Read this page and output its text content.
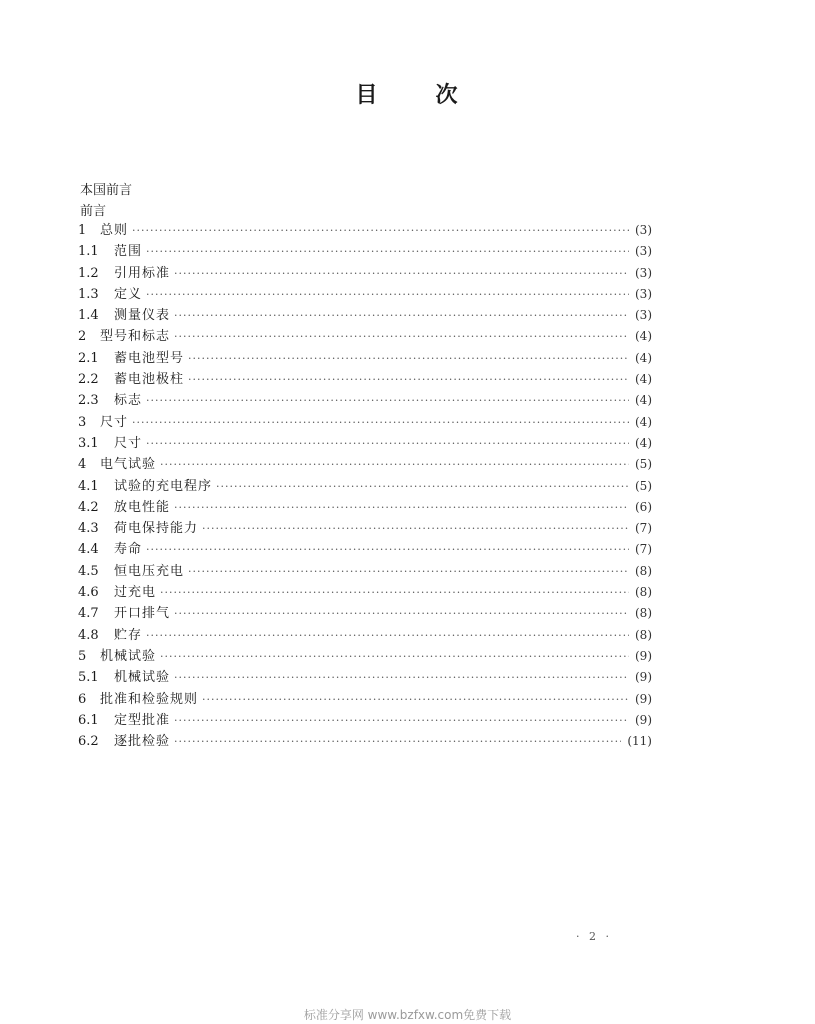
目	次
本国前言
前言
1	总则 ·····	(3)
1.1	范围 ·····	(3)
1.2	引用标准 ·····	(3)
1.3	定义 ·····	(3)
1.4	测量仪表 ·····	(3)
2	型号和标志 ·····	(4)
2.1	蓄电池型号 ·····	(4)
2.2	蓄电池极柱 ·····	(4)
2.3	标志 ·····	(4)
3	尺寸 ·····	(4)
3.1	尺寸 ·····	(4)
4	电气试验 ·····	(5)
4.1	试验的充电程序 ·····	(5)
4.2	放电性能 ·····	(6)
4.3	荷电保持能力 ·····	(7)
4.4	寿命 ·····	(7)
4.5	恒电压充电 ·····	(8)
4.6	过充电 ·····	(8)
4.7	开口排气 ·····	(8)
4.8	贮存 ·····	(8)
5	机械试验 ·····	(9)
5.1	机械试验 ·····	(9)
6	批准和检验规则 ·····	(9)
6.1	定型批准 ·····	(9)
6.2	逐批检验 ·····	(11)
· 2 ·
标准分享网 www.bzfxw.com免费下载
